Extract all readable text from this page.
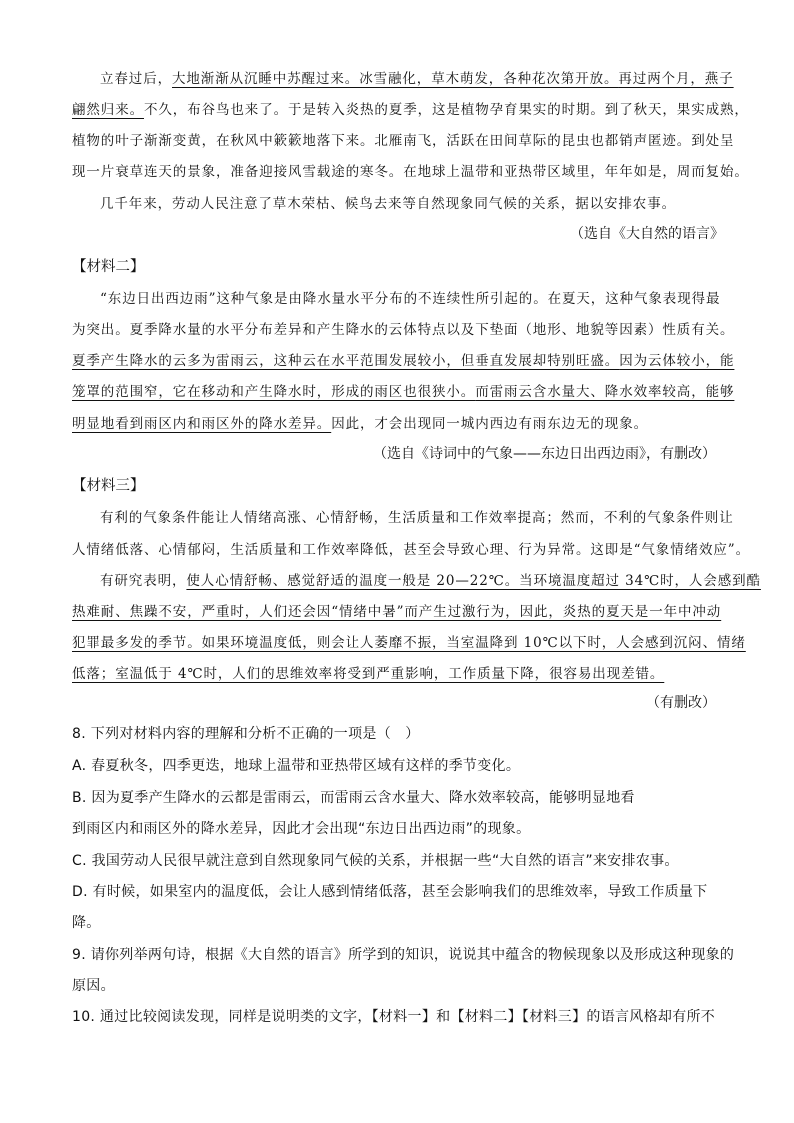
立春过后，大地渐渐从沉睡中苏醒过来。冰雪融化，草木萌发，各种花次第开放。再过两个月，燕子
翩然归来。不久，布谷鸟也来了。于是转入炎热的夏季，这是植物孕育果实的时期。到了秋天，果实成熟，
植物的叶子渐渐变黄，在秋风中簌簌地落下来。北雁南飞，活跃在田间草际的昆虫也都销声匿迹。到处呈
现一片衰草连天的景象，准备迎接风雪载途的寒冬。在地球上温带和亚热带区域里，年年如是，周而复始。
几千年来，劳动人民注意了草木荣枯、候鸟去来等自然现象同气候的关系，据以安排农事。
（选自《大自然的语言》
【材料二】
“东边日出西边雨”这种气象是由降水量水平分布的不连续性所引起的。在夏天，这种气象表现得最
为突出。夏季降水量的水平分布差异和产生降水的云体特点以及下垫面（地形、地貌等因素）性质有关。
夏季产生降水的云多为雷雨云，这种云在水平范围发展较小，但垂直发展却特别旺盛。因为云体较小，能
笼罩的范围窄，它在移动和产生降水时，形成的雨区也很狭小。而雷雨云含水量大、降水效率较高，能够
明显地看到雨区内和雨区外的降水差异。因此，才会出现同一城内西边有雨东边无的现象。
（选自《诗词中的气象——东边日出西边雨》，有删改）
【材料三】
有利的气象条件能让人情绪高涨、心情舒畅，生活质量和工作效率提高；然而，不利的气象条件则让
人情绪低落、心情郁闷，生活质量和工作效率降低，甚至会导致心理、行为异常。这即是“气象情绪效应”。
有研究表明，使人心情舒畅、感觉舒适的温度一般是 20—22℃。当环境温度超过 34℃时，人会感到酷
热难耐、焦躁不安，严重时，人们还会因“情绪中暑”而产生过激行为，因此，炎热的夏天是一年中冲动
犯罪最多发的季节。如果环境温度低，则会让人萎靡不振，当室温降到 10℃以下时，人会感到沉闷、情绪
低落；室温低于 4℃时，人们的思维效率将受到严重影响，工作质量下降，很容易出现差错。
（有删改）
8. 下列对材料内容的理解和分析不正确的一项是（　）
A. 春夏秋冬，四季更迭，地球上温带和亚热带区域有这样的季节变化。
B. 因为夏季产生降水的云都是雷雨云，而雷雨云含水量大、降水效率较高，能够明显地看
到雨区内和雨区外的降水差异，因此才会出现“东边日出西边雨”的现象。
C. 我国劳动人民很早就注意到自然现象同气候的关系，并根据一些“大自然的语言”来安排农事。
D. 有时候，如果室内的温度低，会让人感到情绪低落，甚至会影响我们的思维效率，导致工作质量下
降。
9. 请你列举两句诗，根据《大自然的语言》所学到的知识，说说其中蕴含的物候现象以及形成这种现象的
原因。
10. 通过比较阅读发现，同样是说明类的文字，【材料一】和【材料二】【材料三】的语言风格却有所不
